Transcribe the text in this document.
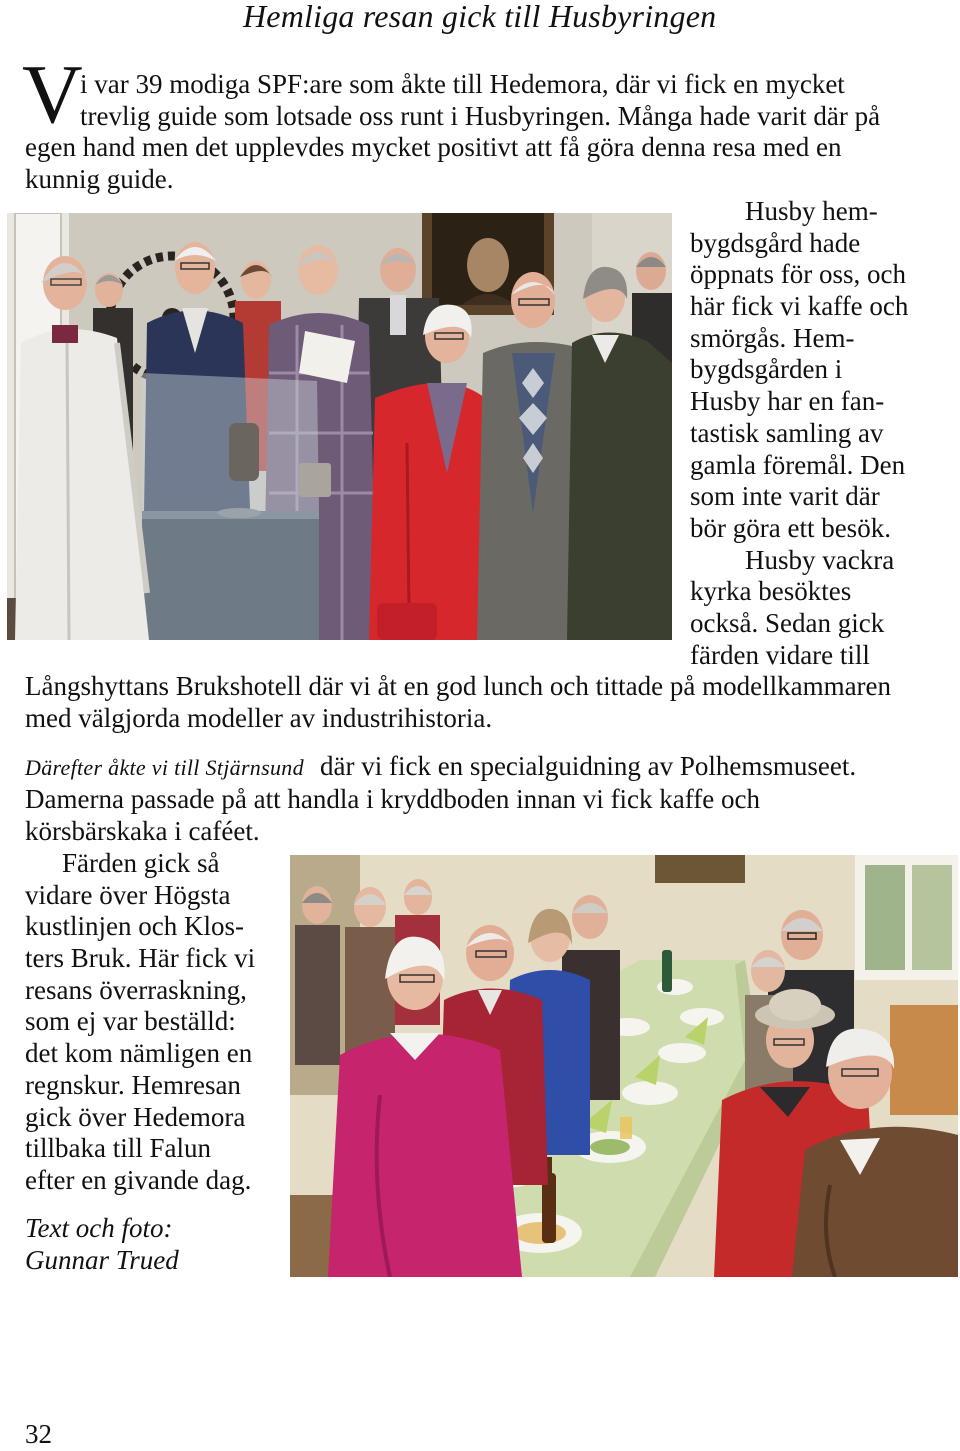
Hemliga resan gick till Husbyringen
V
i var 39 modiga SPF:are som åkte till Hedemora, där vi fick en mycket
trevlig guide som lotsade oss runt i Husbyringen. Många hade varit där på
egen hand men det upplevdes mycket positivt att få göra denna resa med en
kunnig guide.
Husby hem-
bygdsgård hade
öppnats för oss, och
här fick vi kaffe och
smörgås. Hem-
bygdsgården i
Husby har en fan-
tastisk samling av
gamla föremål. Den
som inte varit där
bör göra ett besök.
Husby vackra
kyrka besöktes
också. Sedan gick
färden vidare till
Långshyttans Brukshotell där vi åt en god lunch och tittade på modellkammaren
med välgjorda modeller av industrihistoria.
Därefter åkte vi till Stjärnsund där vi fick en specialguidning av Polhemsmuseet.
Damerna passade på att handla i kryddboden innan vi fick kaffe och
körsbärskaka i caféet.
Färden gick så
vidare över Högsta
kustlinjen och Klos-
ters Bruk. Här fick vi
resans överraskning,
som ej var beställd:
det kom nämligen en
regnskur. Hemresan
gick över Hedemora
tillbaka till Falun
efter en givande dag.
Text och foto:
Gunnar Trued
32
